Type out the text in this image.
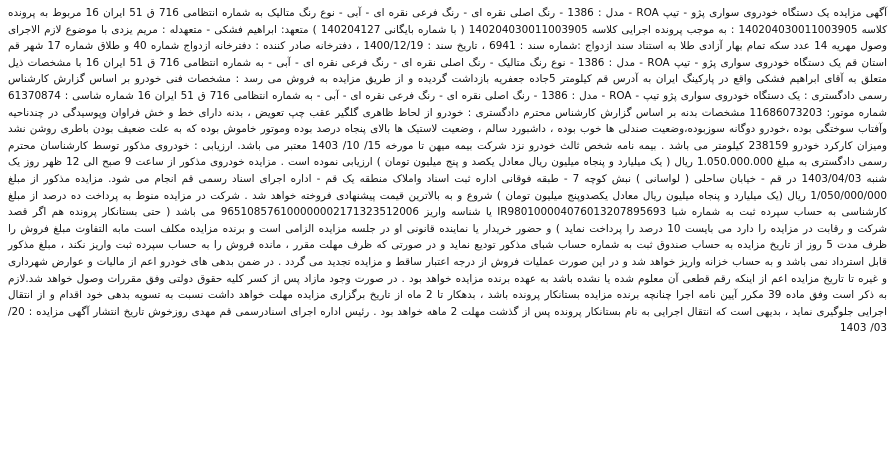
آگهی مزایده یک دستگاه خودروی سواری پژو - تیپ ROA - مدل : 1386 - رنگ اصلی نقره ای - رنگ فرعی نقره ای - آبی - نوع رنگ متالیک به شماره انتظامی 716 ق 51 ایران 16 مربوط به پرونده کلاسه 140204030011003905 : به موجب پرونده اجرایی کلاسه 140204030011003905 ( با شماره بایگانی 140204127 ) متعهد: ابراهیم فشکی - متعهدله : مریم یزدی با موضوع لازم الاجرای وصول مهریه 14 عدد سکه تمام بهار آزادی طلا به استناد سند ازدواج :شماره سند : 6941 ، تاریخ سند : 1400/12/19 ، دفترخانه صادر کننده : دفترخانه ازدواج شماره 40 و طلاق شماره 17 شهر قم استان قم یک دستگاه خودروی سواری پژو - تیپ ROA - مدل : 1386 - نوع رنگ متالیک - رنگ اصلی نقره ای - رنگ فرعی نقره ای - آبی - به شماره انتظامی 716 ق 51 ایران 16 با مشخصات ذیل متعلق به آقای ابراهیم فشکی واقع در پارکینگ ایران به آدرس قم کیلومتر 5جاده جعفریه بازداشت گردیده و از طریق مزایده به فروش می رسد : مشخصات فنی خودرو بر اساس گزارش کارشناس رسمی دادگستری : یک دستگاه خودروی سواری پژو تیپ - ROA - مدل : 1386 - رنگ اصلی نقره ای - رنگ فرعی نقره ای - آبی - به شماره انتظامی 716 ق 51 ایران 16 شماره شاسی : 61370874 شماره موتور: 11686073203 مشخصات بدنه بر اساس گزارش کارشناس محترم دادگستری : خودرو از لحاظ ظاهری گلگیر عقب چپ تعویض ، بدنه دارای خط و خش فراوان وپوسیدگی در چندناحیه وآفتاب سوختگی بوده ،خودرو دوگانه سوزبوده،وضعیت صندلی ها خوب بوده ، داشبورد سالم ، وضعیت لاستیک ها بالای پنجاه درصد بوده وموتور خاموش بوده که به علت ضعیف بودن باطری روشن نشد ومیزان کارکرد خودرو 238159 کیلومتر می باشد . بیمه نامه شخص ثالث خودرو نزد شرکت بیمه میهن تا مورخه 15/ 10/ 1403 معتبر می باشد. ارزیابی : خودروی مذکور توسط کارشناسان محترم رسمی دادگستری به مبلغ 1.050.000.000 ریال ( یک میلیارد و پنجاه میلیون ریال معادل یکصد و پنج میلیون تومان ) ارزیابی نموده است . مزایده خودروی مذکور از ساعت 9 صبح الی 12 ظهر روز یک شنبه 1403/04/03 در قم - خیابان ساحلی ( لواسانی ) نبش کوچه 7 - طبقه فوقانی اداره ثبت اسناد واملاک منطقه یک قم - اداره اجرای اسناد رسمی قم انجام می شود. مزایده مذکور از مبلغ 1/050/000/000 ریال (یک میلیارد و پنجاه میلیون ریال معادل یکصدوپنج میلیون تومان ) شروع و به بالاترین قیمت پیشنهادی فروخته خواهد شد . شرکت در مزایده منوط به پرداخت ده درصد از مبلغ کارشناسی به حساب سپرده ثبت به شماره شبا IR980100004076013207895693 یا شناسه واریز 965108576100000002171323512006 می باشد ( حتی بستانکار پرونده هم اگر قصد شرکت و رقابت در مزایده را دارد می بایست 10 درصد را پرداخت نماید ) و حضور خریدار یا نماینده قانونی او در جلسه مزایده الزامی است و برنده مزایده مکلف است مابه التفاوت مبلغ فروش را ظرف مدت 5 روز از تاریخ مزایده به حساب صندوق ثبت به شماره حساب شبای مذکور تودیع نماید و در صورتی که ظرف مهلت مقرر ، مانده فروش را به حساب سپرده ثبت واریز نکند ، مبلغ مذکور قابل استرداد نمی باشد و به حساب خزانه واریز خواهد شد و در این صورت عملیات فروش از درجه اعتبار ساقط و مزایده تجدید می گردد . در ضمن بدهی های خودرو اعم از مالیات و عوارض شهرداری و غیره تا تاریخ مزایده اعم از اینکه رقم قطعی آن معلوم شده یا نشده باشد به عهده برنده مزایده خواهد بود . در صورت وجود مازاد پس از کسر کلیه حقوق دولتی وفق مقررات وصول خواهد شد.لازم به ذکر است وفق ماده 39 مکرر آیین نامه اجرا چنانچه برنده مزایده بستانکار پرونده باشد ، بدهکار تا 2 ماه از تاریخ برگزاری مزایده مهلت خواهد داشت نسبت به تسویه بدهی خود اقدام و از انتقال اجرایی جلوگیری نماید ، بدیهی است که انتقال اجرایی به نام بستانکار پرونده پس از گذشت مهلت 2 ماهه خواهد بود . رئیس اداره اجرای اسنادرسمی قم مهدی روزخوش تاریخ انتشار آگهی مزایده : 20/ 03/ 1403
